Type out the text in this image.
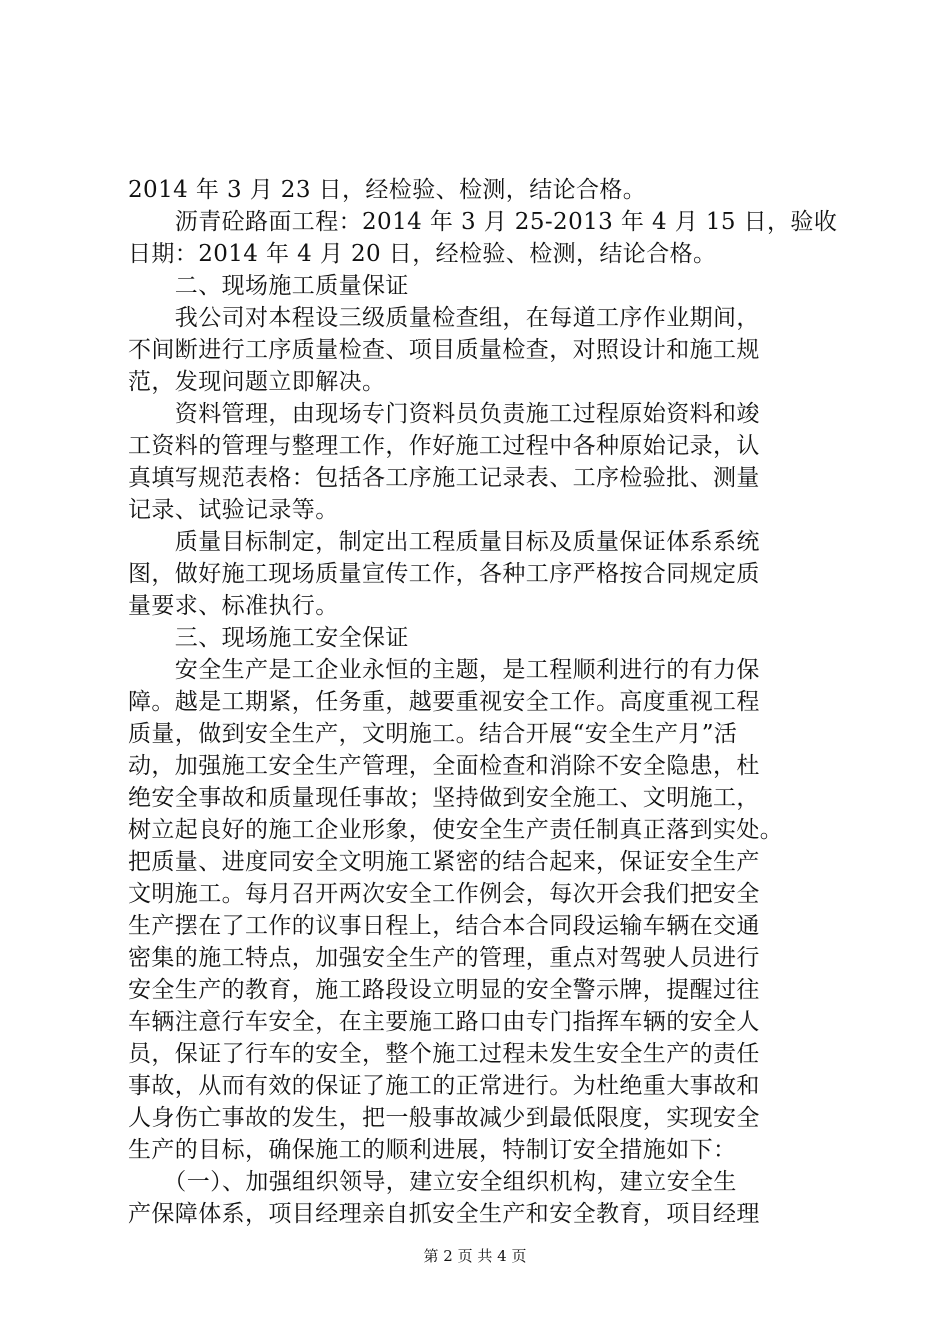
2014 年 3 月 23 日，经检验、检测，结论合格。
　　沥青砼路面工程：2014 年 3 月 25-2013 年 4 月 15 日，验收
日期：2014 年 4 月 20 日，经检验、检测，结论合格。
　　二、现场施工质量保证
　　我公司对本程设三级质量检查组，在每道工序作业期间，
不间断进行工序质量检查、项目质量检查，对照设计和施工规
范，发现问题立即解决。
　　资料管理，由现场专门资料员负责施工过程原始资料和竣
工资料的管理与整理工作，作好施工过程中各种原始记录，认
真填写规范表格：包括各工序施工记录表、工序检验批、测量
记录、试验记录等。
　　质量目标制定，制定出工程质量目标及质量保证体系系统
图，做好施工现场质量宣传工作，各种工序严格按合同规定质
量要求、标准执行。
　　三、现场施工安全保证
　　安全生产是工企业永恒的主题，是工程顺利进行的有力保
障。越是工期紧，任务重，越要重视安全工作。高度重视工程
质量，做到安全生产，文明施工。结合开展“安全生产月”活
动，加强施工安全生产管理，全面检查和消除不安全隐患，杜
绝安全事故和质量现任事故；坚持做到安全施工、文明施工，
树立起良好的施工企业形象，使安全生产责任制真正落到实处。
把质量、进度同安全文明施工紧密的结合起来，保证安全生产
文明施工。每月召开两次安全工作例会，每次开会我们把安全
生产摆在了工作的议事日程上，结合本合同段运输车辆在交通
密集的施工特点，加强安全生产的管理，重点对驾驶人员进行
安全生产的教育，施工路段设立明显的安全警示牌，提醒过往
车辆注意行车安全，在主要施工路口由专门指挥车辆的安全人
员，保证了行车的安全，整个施工过程未发生安全生产的责任
事故，从而有效的保证了施工的正常进行。为杜绝重大事故和
人身伤亡事故的发生，把一般事故减少到最低限度，实现安全
生产的目标，确保施工的顺利进展，特制订安全措施如下：
　　（一）、加强组织领导，建立安全组织机构，建立安全生
产保障体系，项目经理亲自抓安全生产和安全教育，项目经理
第 2 页 共 4 页
